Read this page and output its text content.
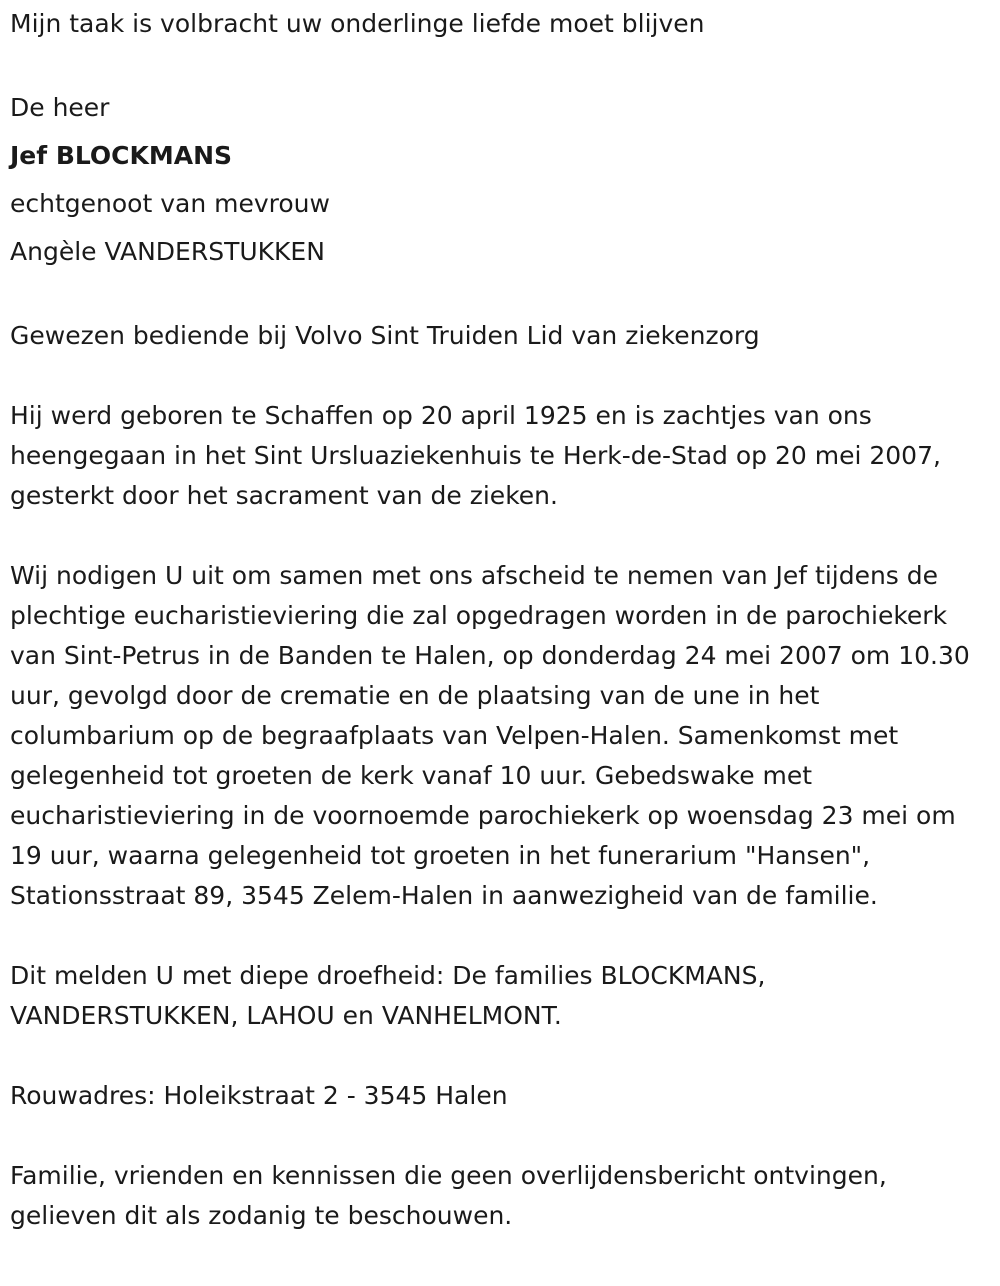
Mijn taak is volbracht uw onderlinge liefde moet blijven

De heer

Jef BLOCKMANS

echtgenoot van mevrouw

Angèle VANDERSTUKKEN

Gewezen bediende bij Volvo Sint Truiden Lid van ziekenzorg

Hij werd geboren te Schaffen op 20 april 1925 en is zachtjes van ons heengegaan in het Sint Ursluaziekenhuis te Herk-de-Stad op 20 mei 2007, gesterkt door het sacrament van de zieken.

Wij nodigen U uit om samen met ons afscheid te nemen van Jef tijdens de plechtige eucharistieviering die zal opgedragen worden in de parochiekerk van Sint-Petrus in de Banden te Halen, op donderdag 24 mei 2007 om 10.30 uur, gevolgd door de crematie en de plaatsing van de une in het columbarium op de begraafplaats van Velpen-Halen. Samenkomst met gelegenheid tot groeten de kerk vanaf 10 uur. Gebedswake met eucharistieviering in de voornoemde parochiekerk op woensdag 23 mei om 19 uur, waarna gelegenheid tot groeten in het funerarium "Hansen", Stationsstraat 89, 3545 Zelem-Halen in aanwezigheid van de familie.

Dit melden U met diepe droefheid: De families BLOCKMANS, VANDERSTUKKEN, LAHOU en VANHELMONT.

Rouwadres: Holeikstraat 2 - 3545 Halen

Familie, vrienden en kennissen die geen overlijdensbericht ontvingen, gelieven dit als zodanig te beschouwen.
